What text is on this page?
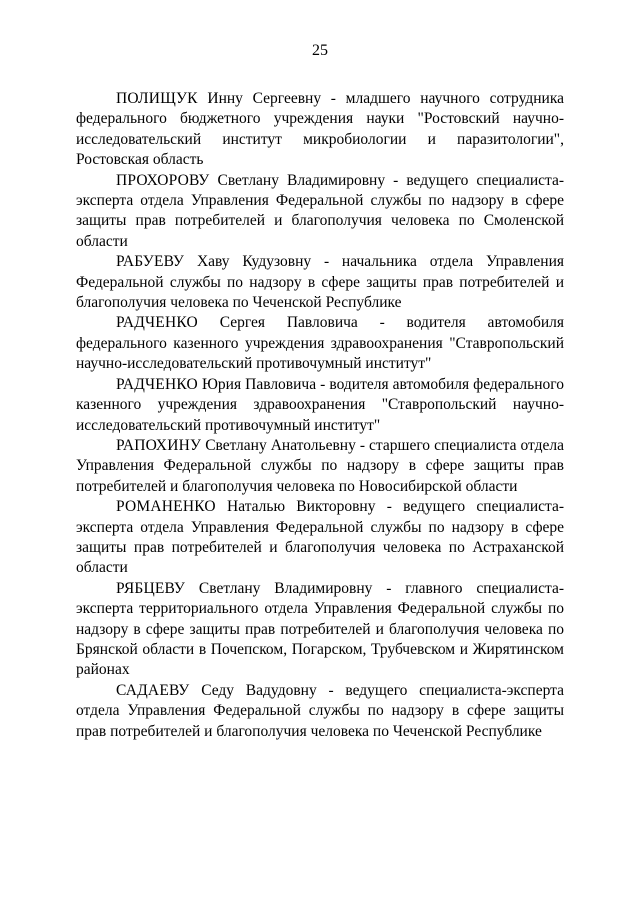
25

ПОЛИЩУК Инну Сергеевну - младшего научного сотрудника федерального бюджетного учреждения науки "Ростовский научно-исследовательский институт микробиологии и паразитологии", Ростовская область

ПРОХОРОВУ Светлану Владимировну - ведущего специалиста-эксперта отдела Управления Федеральной службы по надзору в сфере защиты прав потребителей и благополучия человека по Смоленской области

РАБУЕВУ Хаву Кудузовну - начальника отдела Управления Федеральной службы по надзору в сфере защиты прав потребителей и благополучия человека по Чеченской Республике

РАДЧЕНКО Сергея Павловича - водителя автомобиля федерального казенного учреждения здравоохранения "Ставропольский научно-исследовательский противочумный институт"

РАДЧЕНКО Юрия Павловича - водителя автомобиля федерального казенного учреждения здравоохранения "Ставропольский научно-исследовательский противочумный институт"

РАПОХИНУ Светлану Анатольевну - старшего специалиста отдела Управления Федеральной службы по надзору в сфере защиты прав потребителей и благополучия человека по Новосибирской области

РОМАНЕНКО Наталью Викторовну - ведущего специалиста-эксперта отдела Управления Федеральной службы по надзору в сфере защиты прав потребителей и благополучия человека по Астраханской области

РЯБЦЕВУ Светлану Владимировну - главного специалиста-эксперта территориального отдела Управления Федеральной службы по надзору в сфере защиты прав потребителей и благополучия человека по Брянской области в Почепском, Погарском, Трубчевском и Жирятинском районах

САДАЕВУ Седу Вадудовну - ведущего специалиста-эксперта отдела Управления Федеральной службы по надзору в сфере защиты прав потребителей и благополучия человека по Чеченской Республике
